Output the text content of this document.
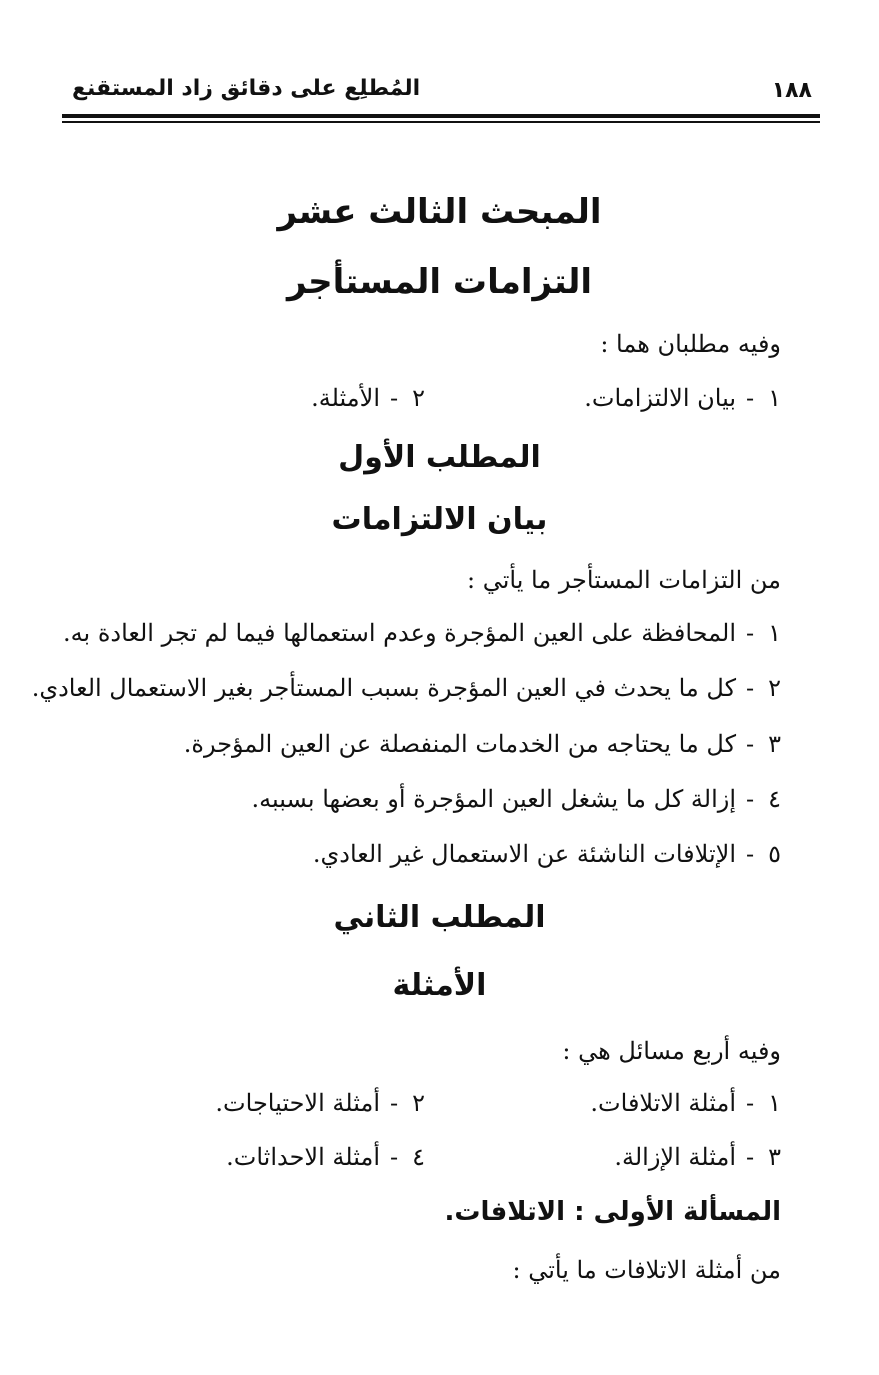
المُطلِع على دقائق زاد المستقنع	١٨٨
المبحث الثالث عشر
التزامات المستأجر
وفيه مطلبان هما :
١-بيان الالتزامات.
٢-الأمثلة.
المطلب الأول
بيان الالتزامات
من التزامات المستأجر ما يأتي :
١-المحافظة على العين المؤجرة وعدم استعمالها فيما لم تجر العادة به.
٢-كل ما يحدث في العين المؤجرة بسبب المستأجر بغير الاستعمال العادي.
٣-كل ما يحتاجه من الخدمات المنفصلة عن العين المؤجرة.
٤-إزالة كل ما يشغل العين المؤجرة أو بعضها بسببه.
٥-الإتلافات الناشئة عن الاستعمال غير العادي.
المطلب الثاني
الأمثلة
وفيه أربع مسائل هي :
١-أمثلة الاتلافات.
٢-أمثلة الاحتياجات.
٣-أمثلة الإزالة.
٤-أمثلة الاحداثات.
المسألة الأولى : الاتلافات.
من أمثلة الاتلافات ما يأتي :
